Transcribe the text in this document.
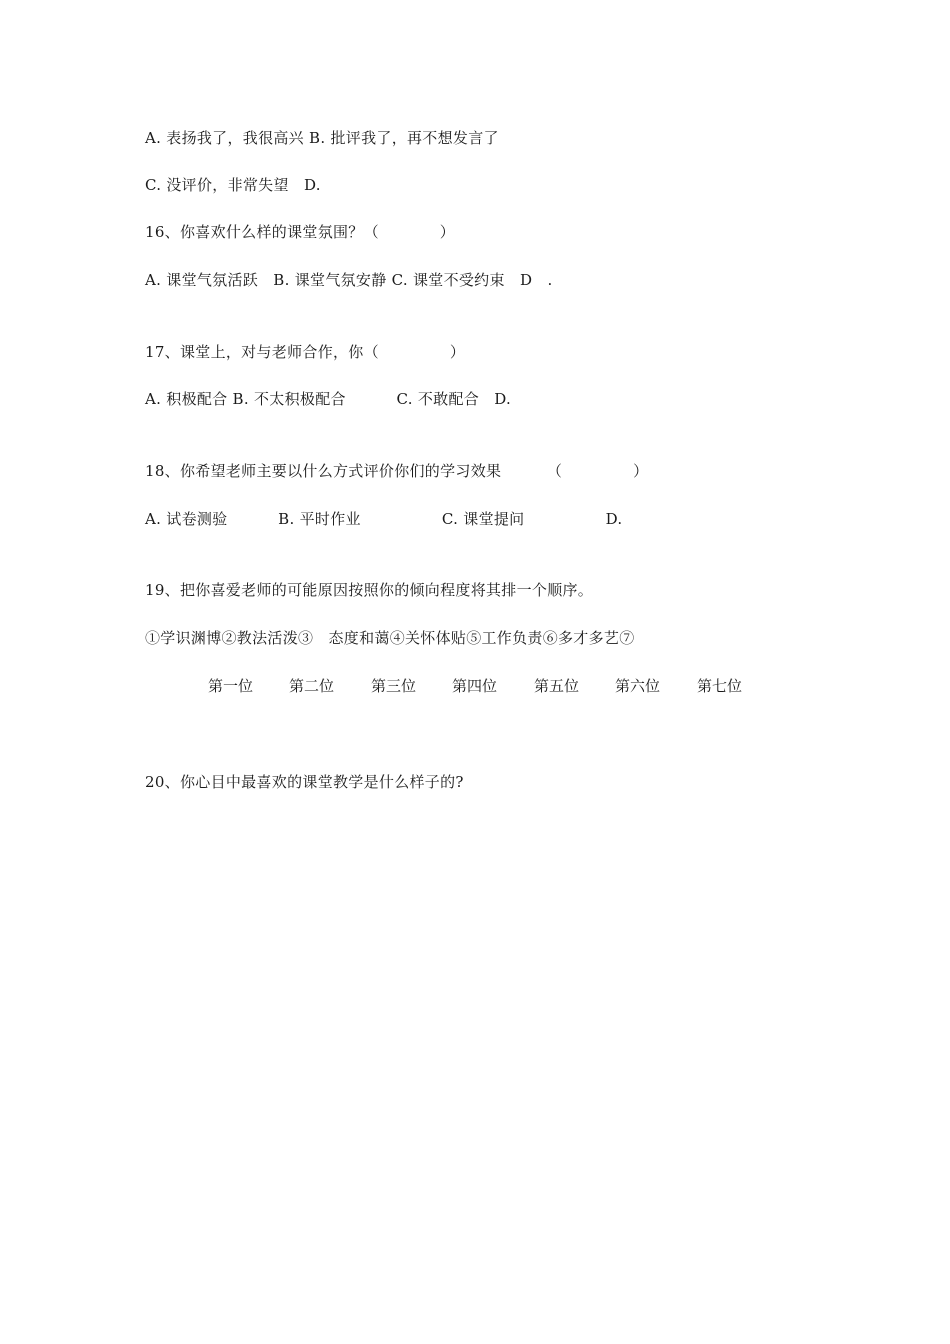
A. 表扬我了，我很高兴 B. 批评我了，再不想发言了
C. 没评价，非常失望   D.
16、你喜欢什么样的课堂氛围？（            ）
A. 课堂气氛活跃   B. 课堂气氛安静 C. 课堂不受约束   D   .
17、课堂上，对与老师合作，你（              ）
A. 积极配合 B. 不太积极配合          C. 不敢配合   D.
18、你希望老师主要以什么方式评价你们的学习效果         （              ）
A. 试卷测验          B. 平时作业                C. 课堂提问                D.
19、把你喜爱老师的可能原因按照你的倾向程度将其排一个顺序。
①学识渊博②教法活泼③   态度和蔼④关怀体贴⑤工作负责⑥多才多艺⑦
第一位 第二位 第三位 第四位 第五位 第六位 第七位
20、你心目中最喜欢的课堂教学是什么样子的?
